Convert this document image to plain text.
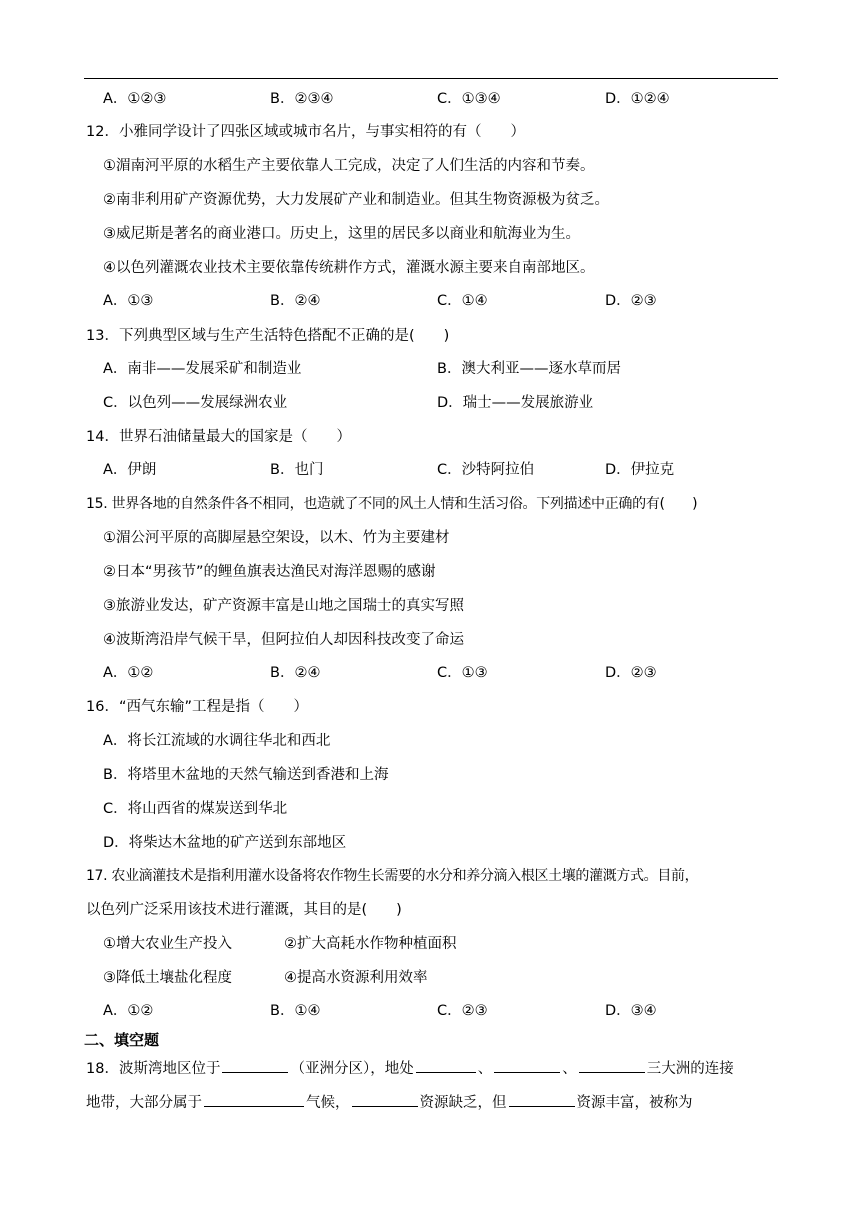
A．①②③	B．②③④	C．①③④	D．①②④
12．小雅同学设计了四张区域或城市名片，与事实相符的有（　　）
①湄南河平原的水稻生产主要依靠人工完成，决定了人们生活的内容和节奏。
②南非利用矿产资源优势，大力发展矿产业和制造业。但其生物资源极为贫乏。
③威尼斯是著名的商业港口。历史上，这里的居民多以商业和航海业为生。
④以色列灌溉农业技术主要依靠传统耕作方式，灌溉水源主要来自南部地区。
A．①③	B．②④	C．①④	D．②③
13．下列典型区域与生产生活特色搭配不正确的是(　　)
A．南非——发展采矿和制造业	B．澳大利亚——逐水草而居
C．以色列——发展绿洲农业	D．瑞士——发展旅游业
14．世界石油储量最大的国家是（　　）
A．伊朗	B．也门	C．沙特阿拉伯	D．伊拉克
15. 世界各地的自然条件各不相同，也造就了不同的风土人情和生活习俗。下列描述中正确的有(　　)
①湄公河平原的高脚屋悬空架设，以木、竹为主要建材
②日本“男孩节”的鲤鱼旗表达渔民对海洋恩赐的感谢
③旅游业发达，矿产资源丰富是山地之国瑞士的真实写照
④波斯湾沿岸气候干旱，但阿拉伯人却因科技改变了命运
A．①②	B．②④	C．①③	D．②③
16．“西气东输”工程是指（　　）
A．将长江流域的水调往华北和西北
B．将塔里木盆地的天然气输送到香港和上海
C．将山西省的煤炭送到华北
D．将柴达木盆地的矿产送到东部地区
17. 农业滴灌技术是指利用灌水设备将农作物生长需要的水分和养分滴入根区土壤的灌溉方式。目前，
以色列广泛采用该技术进行灌溉，其目的是(　　)
①增大农业生产投入	②扩大高耗水作物种植面积
③降低土壤盐化程度	④提高水资源利用效率
A．①②	B．①④	C．②③	D．③④
二、填空题
18．波斯湾地区位于	（亚洲分区），地处	、	、	三大洲的连接
地带，大部分属于	气候，	资源缺乏，但	资源丰富，被称为
